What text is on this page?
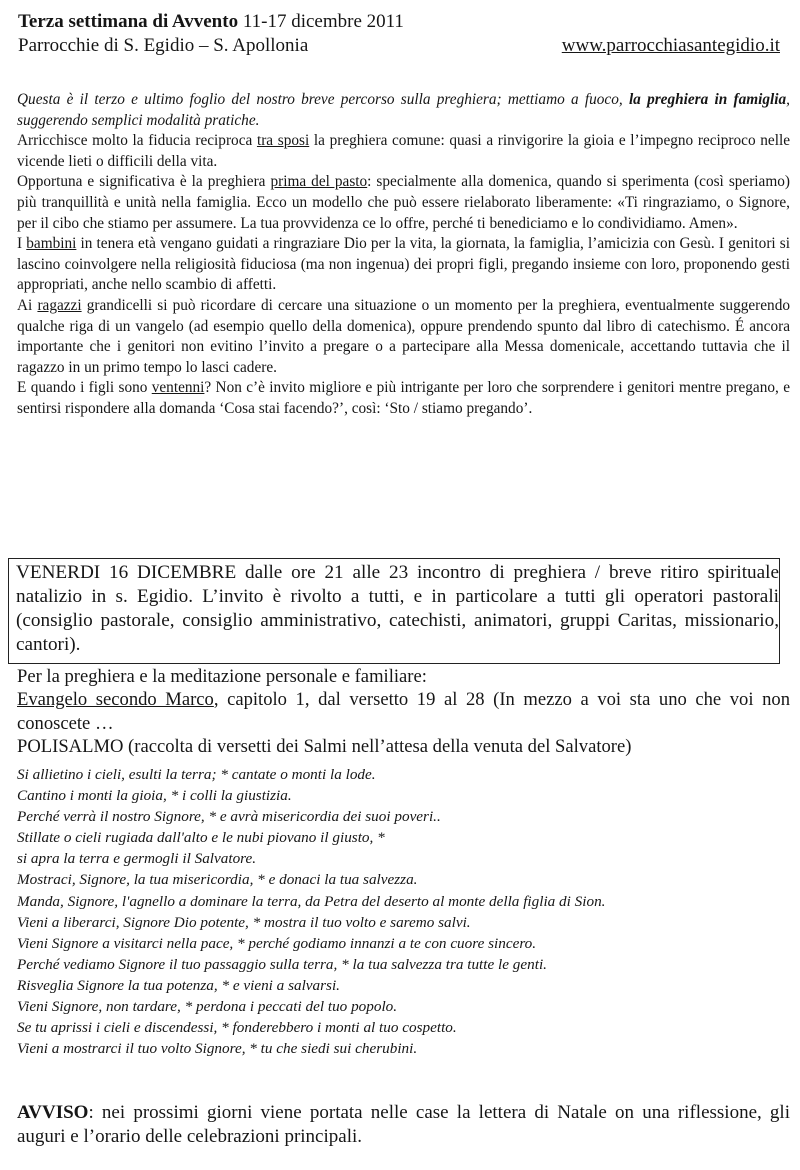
Terza settimana di Avvento 11-17 dicembre 2011
Parrocchie di S. Egidio – S. Apollonia	www.parrocchiasantegidio.it

Questa è il terzo e ultimo foglio del nostro breve percorso sulla preghiera; mettiamo a fuoco, la preghiera in famiglia, suggerendo semplici modalità pratiche.

Arricchisce molto la fiducia reciproca tra sposi la preghiera comune: quasi a rinvigorire la gioia e l’impegno reciproco nelle vicende lieti o difficili della vita.

Opportuna e significativa è la preghiera prima del pasto: specialmente alla domenica, quando si sperimenta (così speriamo) più tranquillità e unità nella famiglia. Ecco un modello che può essere rielaborato liberamente: «Ti ringraziamo, o Signore, per il cibo che stiamo per assumere. La tua provvidenza ce lo offre, perché ti benediciamo e lo condividiamo. Amen».

I bambini in tenera età vengano guidati a ringraziare Dio per la vita, la giornata, la famiglia, l’amicizia con Gesù. I genitori si lascino coinvolgere nella religiosità fiduciosa (ma non ingenua) dei propri figli, pregando insieme con loro, proponendo gesti appropriati, anche nello scambio di affetti.

Ai ragazzi grandicelli si può ricordare di cercare una situazione o un momento per la preghiera, eventualmente suggerendo qualche riga di un vangelo (ad esempio quello della domenica), oppure prendendo spunto dal libro di catechismo. É ancora importante che i genitori non evitino l’invito a pregare o a partecipare alla Messa domenicale, accettando tuttavia che il ragazzo in un primo tempo lo lasci cadere.

E quando i figli sono ventenni? Non c’è invito migliore e più intrigante per loro che sorprendere i genitori mentre pregano, e sentirsi rispondere alla domanda ‘Cosa stai facendo?’, così: ‘Sto / stiamo pregando’.

VENERDI 16 DICEMBRE dalle ore 21 alle 23 incontro di preghiera / breve ritiro spirituale natalizio in s. Egidio. L’invito è rivolto a tutti, e in particolare a tutti gli operatori pastorali (consiglio pastorale, consiglio amministrativo, catechisti, animatori, gruppi Caritas, missionario, cantori).

Per la preghiera e la meditazione personale e familiare:

Evangelo secondo Marco, capitolo 1, dal versetto 19 al 28 (In mezzo a voi sta uno che voi non conoscete …

POLISALMO (raccolta di versetti dei Salmi nell’attesa della venuta del Salvatore)

Si allietino i cieli, esulti la terra; * cantate o monti la lode.
Cantino i monti la gioia, * i colli la giustizia.
Perché verrà il nostro Signore, * e avrà misericordia dei suoi poveri..
Stillate o cieli rugiada dall'alto e le nubi piovano il giusto, *
si apra la terra e germogli il Salvatore.
Mostraci, Signore, la tua misericordia, * e donaci la tua salvezza.
Manda, Signore, l'agnello a dominare la terra, da Petra del deserto al monte della figlia di Sion.
Vieni a liberarci, Signore Dio potente, * mostra il tuo volto e saremo salvi.
Vieni Signore a visitarci nella pace, * perché godiamo innanzi a te con cuore sincero.
Perché vediamo Signore il tuo passaggio sulla terra, * la tua salvezza tra tutte le genti.
Risveglia Signore la tua potenza, * e vieni a salvarsi.
Vieni Signore, non tardare, * perdona i peccati del tuo popolo.
Se tu aprissi i cieli e discendessi, * fonderebbero i monti al tuo cospetto.
Vieni a mostrarci il tuo volto Signore, * tu che siedi sui cherubini.
AVVISO: nei prossimi giorni viene portata nelle case la lettera di Natale on una riflessione, gli auguri e l’orario delle celebrazioni principali.
